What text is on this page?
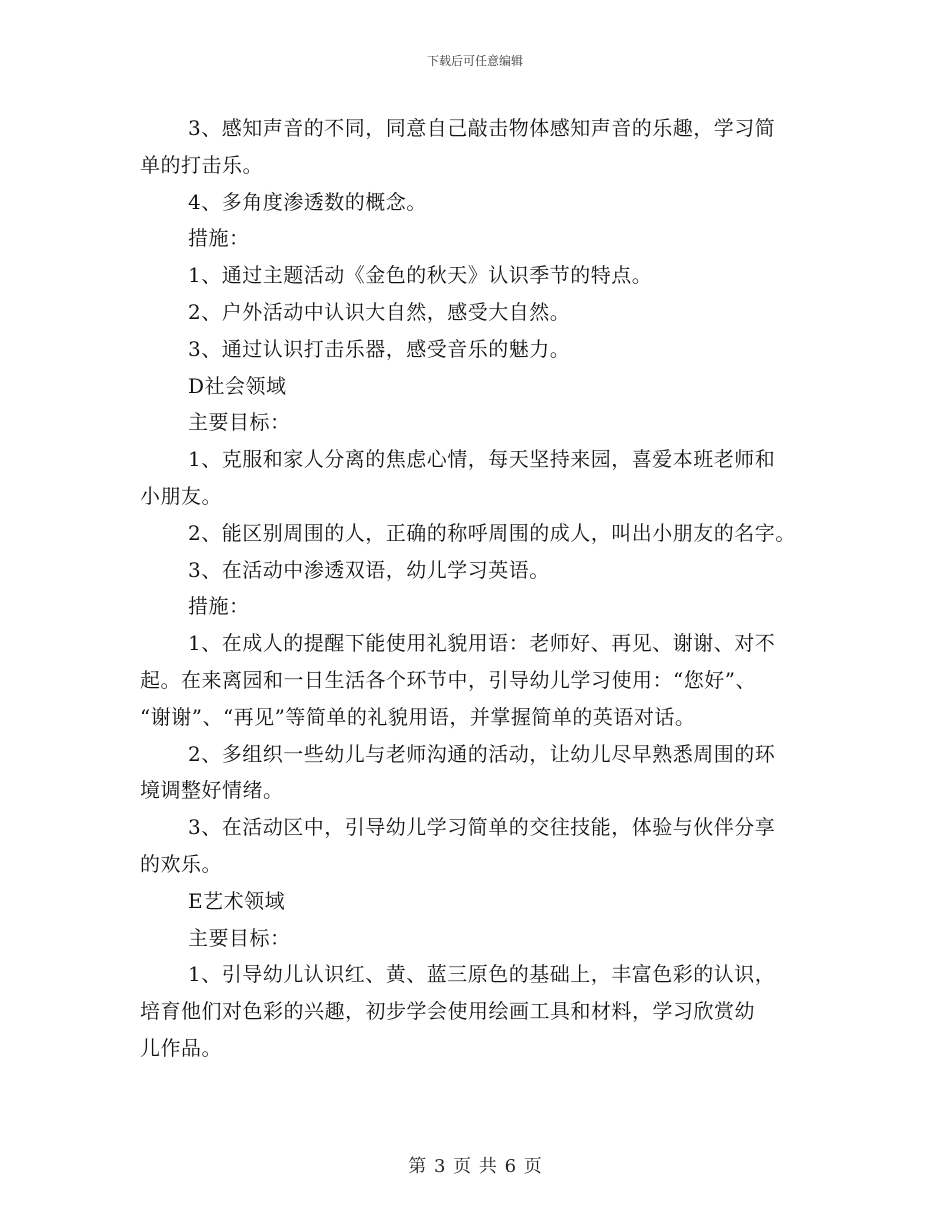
下载后可任意编辑
3、感知声音的不同，同意自己敲击物体感知声音的乐趣，学习简
单的打击乐。
4、多角度渗透数的概念。
措施：
1、通过主题活动《金色的秋天》认识季节的特点。
2、户外活动中认识大自然，感受大自然。
3、通过认识打击乐器，感受音乐的魅力。
D社会领域
主要目标：
1、克服和家人分离的焦虑心情，每天坚持来园，喜爱本班老师和
小朋友。
2、能区别周围的人，正确的称呼周围的成人，叫出小朋友的名字。
3、在活动中渗透双语，幼儿学习英语。
措施：
1、在成人的提醒下能使用礼貌用语：老师好、再见、谢谢、对不
起。在来离园和一日生活各个环节中，引导幼儿学习使用：“您好”、
“谢谢”、“再见”等简单的礼貌用语，并掌握简单的英语对话。
2、多组织一些幼儿与老师沟通的活动，让幼儿尽早熟悉周围的环
境调整好情绪。
3、在活动区中，引导幼儿学习简单的交往技能，体验与伙伴分享
的欢乐。
E艺术领域
主要目标：
1、引导幼儿认识红、黄、蓝三原色的基础上，丰富色彩的认识，
培育他们对色彩的兴趣，初步学会使用绘画工具和材料，学习欣赏幼
儿作品。
第 3 页 共 6 页
